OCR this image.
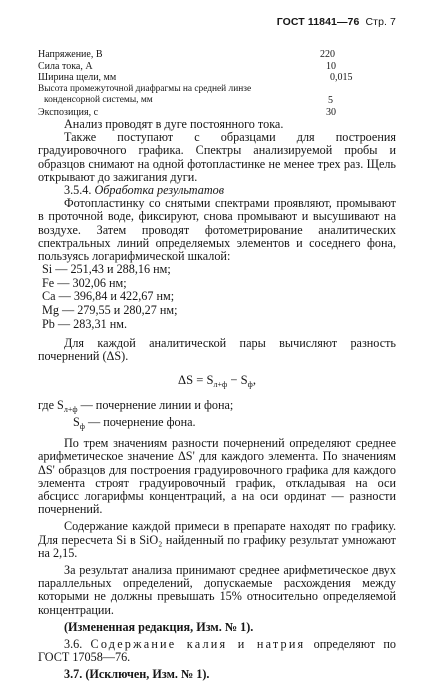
ГОСТ 11841—76 Стр. 7
Напряжение, В	220
Сила тока, А	10
Ширина щели, мм	0,015
Высота промежуточной диафрагмы на средней линзе
конденсорной системы, мм	5
Экспозиция, с	30

Анализ проводят в дуге постоянного тока.

Также поступают с образцами для построения градуировочного графика. Спектры анализируемой пробы и образцов снимают на одной фотопластинке не менее трех раз. Щель открывают до зажигания дуги.

3.5.4. Обработка результатов

Фотопластинку со снятыми спектрами проявляют, промывают в проточной воде, фиксируют, снова промывают и высушивают на воздухе. Затем проводят фотометрирование аналитических спектральных линий определяемых элементов и соседнего фона, пользуясь логарифмической шкалой:

Si — 251,43 и 288,16 нм;
Fe — 302,06 нм;
Ca — 396,84 и 422,67 нм;
Mg — 279,55 и 280,27 нм;
Pb — 283,31 нм.

Для каждой аналитической пары вычисляют разность почернений (ΔS).

$\Delta S = S_{л+ф} - S_ф$,

где $S_{л+ф}$ — почернение линии и фона;

$S_ф$ — почернение фона.

По трем значениям разности почернений определяют среднее арифметическое значение ΔS' для каждого элемента. По значениям ΔS' образцов для построения градуировочного графика для каждого элемента строят градуировочный график, откладывая на оси абсцисс логарифмы концентраций, а на оси ординат — разности почернений.

Содержание каждой примеси в препарате находят по графику. Для пересчета Si в SiO₂ найденный по графику результат умножают на 2,15.

За результат анализа принимают среднее арифметическое двух параллельных определений, допускаемые расхождения между которыми не должны превышать 15% относительно определяемой концентрации.

(Измененная редакция, Изм. № 1).

3.6. Содержание калия и натрия определяют по ГОСТ 17058—76.

3.7. (Исключен, Изм. № 1).
